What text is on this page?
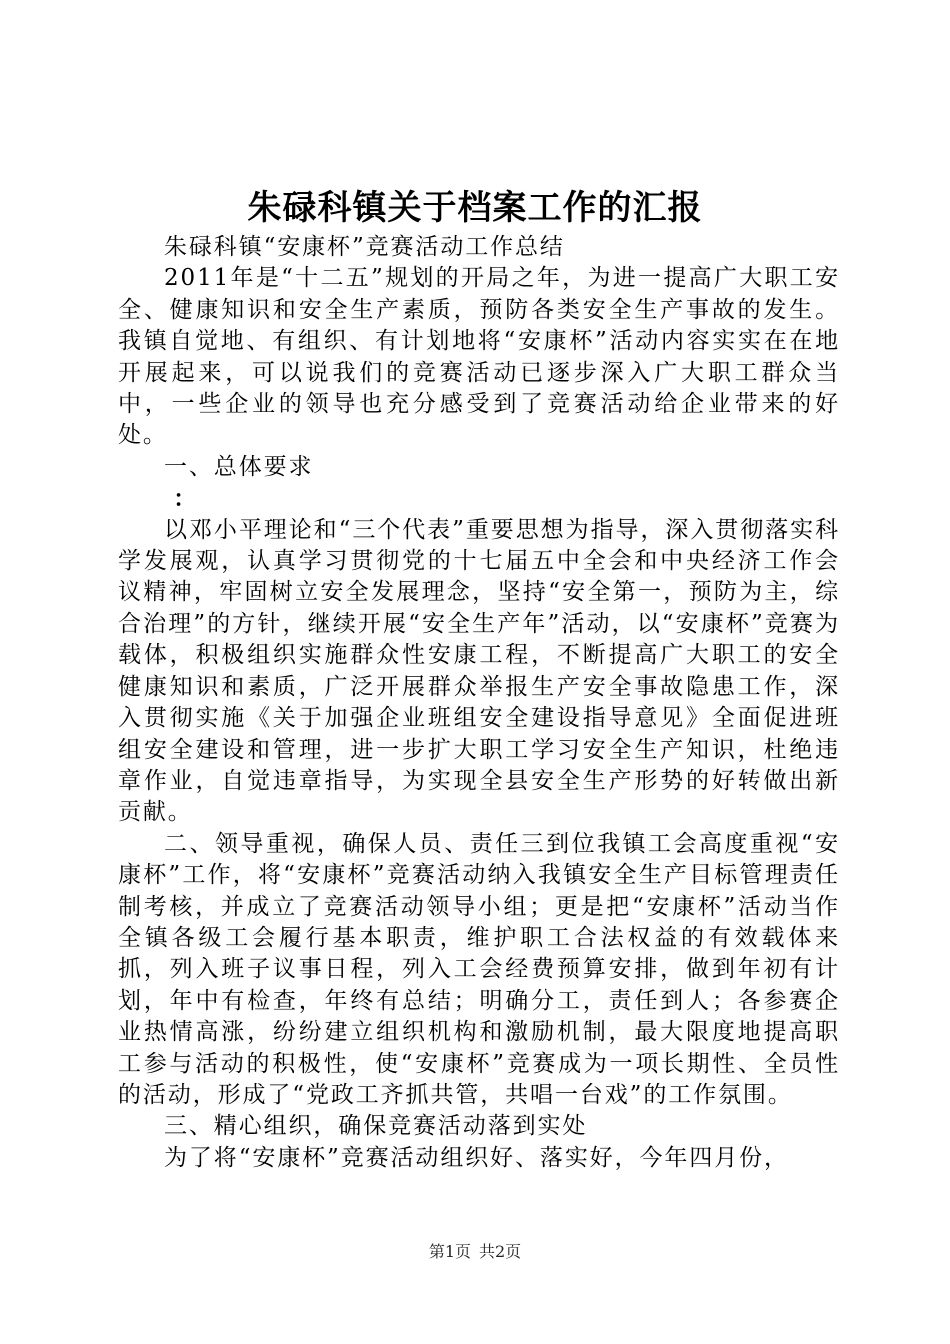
朱碌科镇关于档案工作的汇报

朱碌科镇“安康杯”竞赛活动工作总结

2011年是“十二五”规划的开局之年，为进一提高广大职工安全、健康知识和安全生产素质，预防各类安全生产事故的发生。我镇自觉地、有组织、有计划地将“安康杯”活动内容实实在在地开展起来，可以说我们的竞赛活动已逐步深入广大职工群众当中，一些企业的领导也充分感受到了竞赛活动给企业带来的好处。

一、总体要求

：

以邓小平理论和“三个代表”重要思想为指导，深入贯彻落实科学发展观，认真学习贯彻党的十七届五中全会和中央经济工作会议精神，牢固树立安全发展理念，坚持“安全第一，预防为主，综合治理”的方针，继续开展“安全生产年”活动，以“安康杯”竞赛为载体，积极组织实施群众性安康工程，不断提高广大职工的安全健康知识和素质，广泛开展群众举报生产安全事故隐患工作，深入贯彻实施《关于加强企业班组安全建设指导意见》全面促进班组安全建设和管理，进一步扩大职工学习安全生产知识，杜绝违章作业，自觉违章指导，为实现全县安全生产形势的好转做出新贡献。

二、领导重视，确保人员、责任三到位我镇工会高度重视“安康杯”工作，将“安康杯”竞赛活动纳入我镇安全生产目标管理责任制考核，并成立了竞赛活动领导小组；更是把“安康杯”活动当作全镇各级工会履行基本职责，维护职工合法权益的有效载体来抓，列入班子议事日程，列入工会经费预算安排，做到年初有计划，年中有检查，年终有总结；明确分工，责任到人；各参赛企业热情高涨，纷纷建立组织机构和激励机制，最大限度地提高职工参与活动的积极性，使“安康杯”竞赛成为一项长期性、全员性的活动，形成了“党政工齐抓共管，共唱一台戏”的工作氛围。

三、精心组织，确保竞赛活动落到实处

为了将“安康杯”竞赛活动组织好、落实好，今年四月份，

第1页 共2页
